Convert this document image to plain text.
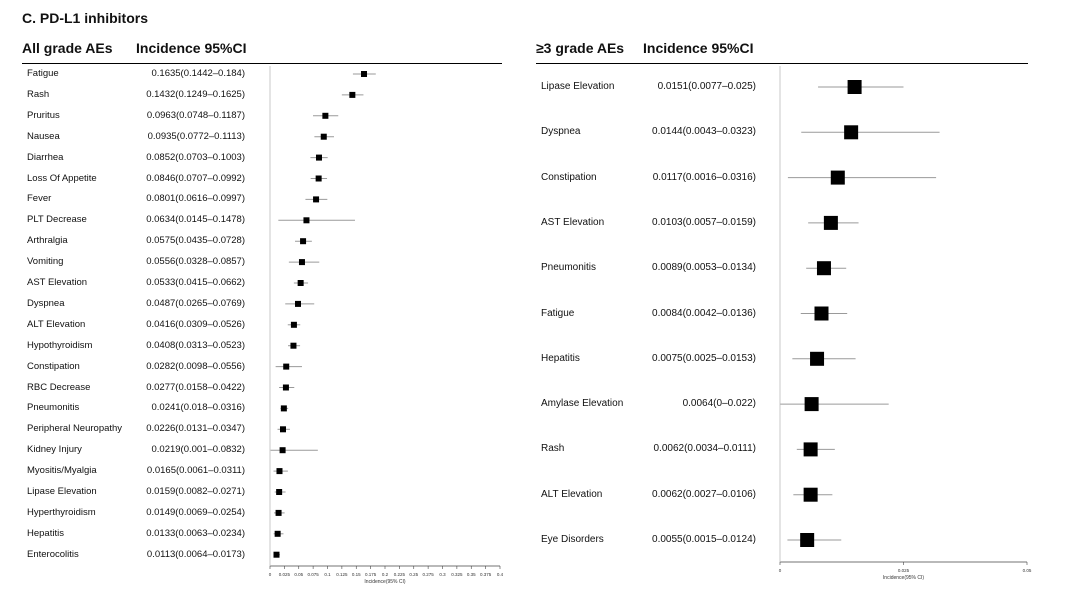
C. PD-L1 inhibitors
All grade AEs Incidence 95%CI	≥3 grade AEs Incidence 95%CI
Fatigue	0.1635(0.1442–0.184)
Rash	0.1432(0.1249–0.1625)
Pruritus	0.0963(0.0748–0.1187)
Nausea	0.0935(0.0772–0.1113)
Diarrhea	0.0852(0.0703–0.1003)
Loss Of Appetite	0.0846(0.0707–0.0992)
Fever	0.0801(0.0616–0.0997)
PLT Decrease	0.0634(0.0145–0.1478)
Arthralgia	0.0575(0.0435–0.0728)
Vomiting	0.0556(0.0328–0.0857)
AST Elevation	0.0533(0.0415–0.0662)
Dyspnea	0.0487(0.0265–0.0769)
ALT Elevation	0.0416(0.0309–0.0526)
Hypothyroidism	0.0408(0.0313–0.0523)
Constipation	0.0282(0.0098–0.0556)
RBC Decrease	0.0277(0.0158–0.0422)
Pneumonitis	0.0241(0.018–0.0316)
Peripheral Neuropathy	0.0226(0.0131–0.0347)
Kidney Injury	0.0219(0.001–0.0832)
Myositis/Myalgia	0.0165(0.0061–0.0311)
Lipase Elevation	0.0159(0.0082–0.0271)
Hyperthyroidism	0.0149(0.0069–0.0254)
Hepatitis	0.0133(0.0063–0.0234)
Enterocolitis	0.0113(0.0064–0.0173)
Lipase Elevation	0.0151(0.0077–0.025)
Dyspnea	0.0144(0.0043–0.0323)
Constipation	0.0117(0.0016–0.0316)
AST Elevation	0.0103(0.0057–0.0159)
Pneumonitis	0.0089(0.0053–0.0134)
Fatigue	0.0084(0.0042–0.0136)
Hepatitis	0.0075(0.0025–0.0153)
Amylase Elevation	0.0064(0–0.022)
Rash	0.0062(0.0034–0.0111)
ALT Elevation	0.0062(0.0027–0.0106)
Eye Disorders	0.0055(0.0015–0.0124)
0 0.025 0.05 0.075 0.1 0.125 0.15 0.175 0.2 0.225 0.25 0.275 0.3 0.325 0.35 0.375 0.4
Incidence(95% CI)
0	0.025	0.05
Incidence(95% CI)
